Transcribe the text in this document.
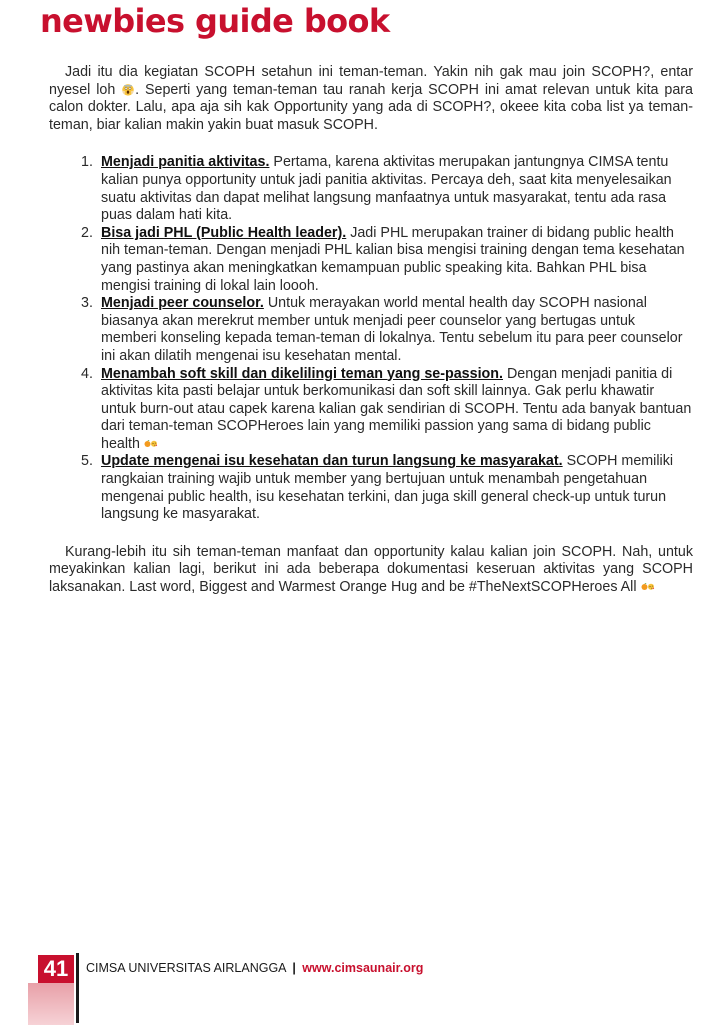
newbies guide book

Jadi itu dia kegiatan SCOPH setahun ini teman-teman. Yakin nih gak mau join SCOPH?, entar nyesel loh . Seperti yang teman-teman tau ranah kerja SCOPH ini amat relevan untuk kita para calon dokter. Lalu, apa aja sih kak Opportunity yang ada di SCOPH?, okeee kita coba list ya teman-teman, biar kalian makin yakin buat masuk SCOPH.

Menjadi panitia aktivitas. Pertama, karena aktivitas merupakan jantungnya CIMSA tentu kalian punya opportunity untuk jadi panitia aktivitas. Percaya deh, saat kita menyelesaikan suatu aktivitas dan dapat melihat langsung manfaatnya untuk masyarakat, tentu ada rasa puas dalam hati kita.
Bisa jadi PHL (Public Health leader). Jadi PHL merupakan trainer di bidang public health nih teman-teman. Dengan menjadi PHL kalian bisa mengisi training dengan tema kesehatan yang pastinya akan meningkatkan kemampuan public speaking kita. Bahkan PHL bisa mengisi training di lokal lain loooh.
Menjadi peer counselor. Untuk merayakan world mental health day SCOPH nasional biasanya akan merekrut member untuk menjadi peer counselor yang bertugas untuk memberi konseling kepada teman-teman di lokalnya. Tentu sebelum itu para peer counselor ini akan dilatih mengenai isu kesehatan mental.
Menambah soft skill dan dikelilingi teman yang se-passion. Dengan menjadi panitia di aktivitas kita pasti belajar untuk berkomunikasi dan soft skill lainnya. Gak perlu khawatir untuk burn-out atau capek karena kalian gak sendirian di SCOPH. Tentu ada banyak bantuan dari teman-teman SCOPHeroes lain yang memiliki passion yang sama di bidang public health
Update mengenai isu kesehatan dan turun langsung ke masyarakat. SCOPH memiliki rangkaian training wajib untuk member yang bertujuan untuk menambah pengetahuan mengenai public health, isu kesehatan terkini, dan juga skill general check-up untuk turun langsung ke masyarakat.

Kurang-lebih itu sih teman-teman manfaat dan opportunity kalau kalian join SCOPH. Nah, untuk meyakinkan kalian lagi, berikut ini ada beberapa dokumentasi keseruan aktivitas yang SCOPH laksanakan. Last word, Biggest and Warmest Orange Hug and be #TheNextSCOPHeroes All

41	CIMSA UNIVERSITAS AIRLANGGA | www.cimsaunair.org
